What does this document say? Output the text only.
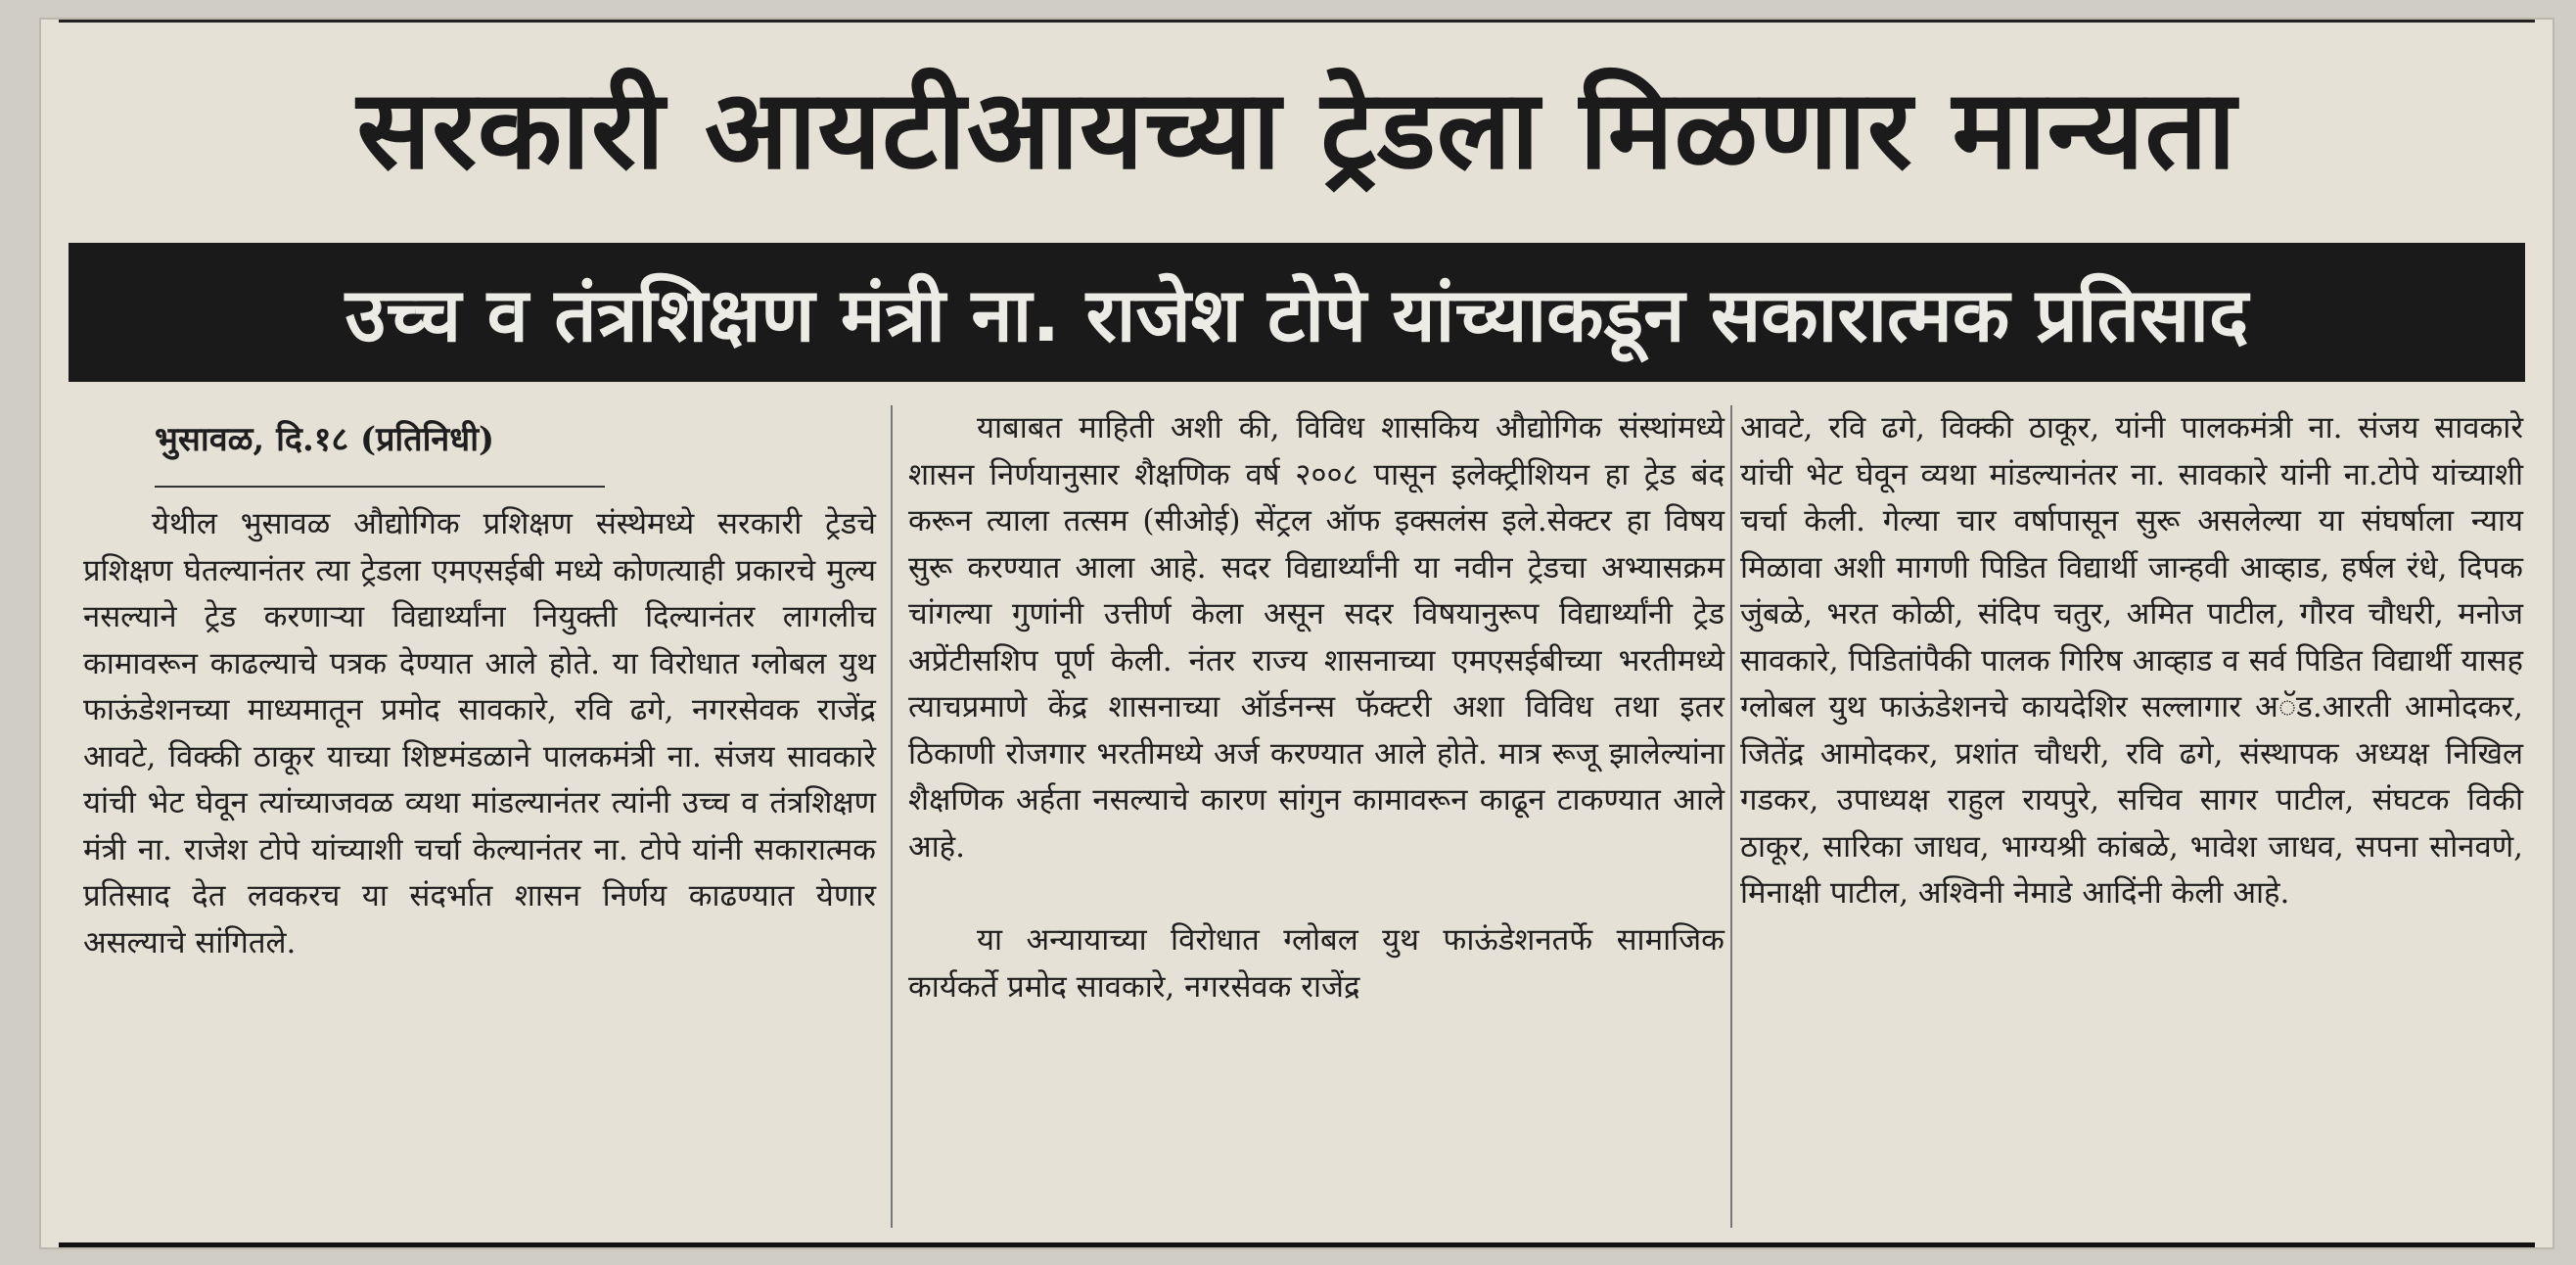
सरकारी आयटीआयच्या ट्रेडला मिळणार मान्यता
उच्च व तंत्रशिक्षण मंत्री ना. राजेश टोपे यांच्याकडून सकारात्मक प्रतिसाद
भुसावळ, दि.१८ (प्रतिनिधी)

येथील भुसावळ औद्योगिक प्रशिक्षण संस्थेमध्ये सरकारी ट्रेडचे प्रशिक्षण घेतल्यानंतर त्या ट्रेडला एमएसईबी मध्ये कोणत्याही प्रकारचे मुल्य नसल्याने ट्रेड करणाऱ्या विद्यार्थ्यांना नियुक्ती दिल्यानंतर लागलीच कामावरून काढल्याचे पत्रक देण्यात आले होते. या विरोधात ग्लोबल युथ फाऊंडेशनच्या माध्यमातून प्रमोद सावकारे, रवि ढगे, नगरसेवक राजेंद्र आवटे, विक्की ठाकूर याच्या शिष्टमंडळाने पालकमंत्री ना. संजय सावकारे यांची भेट घेवून त्यांच्याजवळ व्यथा मांडल्यानंतर त्यांनी उच्च व तंत्रशिक्षण मंत्री ना. राजेश टोपे यांच्याशी चर्चा केल्यानंतर ना. टोपे यांनी सकारात्मक प्रतिसाद देत लवकरच या संदर्भात शासन निर्णय काढण्यात येणार असल्याचे सांगितले.

याबाबत माहिती अशी की, विविध शासकिय औद्योगिक संस्थांमध्ये शासन निर्णयानुसार शैक्षणिक वर्ष २००८ पासून इलेक्ट्रीशियन हा ट्रेड बंद करून त्याला तत्सम (सीओई) सेंट्रल ऑफ इक्सलंस इले.सेक्टर हा विषय सुरू करण्यात आला आहे. सदर विद्यार्थ्यांनी या नवीन ट्रेडचा अभ्यासक्रम चांगल्या गुणांनी उत्तीर्ण केला असून सदर विषयानुरूप विद्यार्थ्यांनी ट्रेड अप्रेंटीसशिप पूर्ण केली. नंतर राज्य शासनाच्या एमएसईबीच्या भरतीमध्ये त्याचप्रमाणे केंद्र शासनाच्या ऑर्डनन्स फॅक्टरी अशा विविध तथा इतर ठिकाणी रोजगार भरतीमध्ये अर्ज करण्यात आले होते. मात्र रूजू झालेल्यांना शैक्षणिक अर्हता नसल्याचे कारण सांगुन कामावरून काढून टाकण्यात आले आहे.

या अन्यायाच्या विरोधात ग्लोबल युथ फाऊंडेशनतर्फे सामाजिक कार्यकर्ते प्रमोद सावकारे, नगरसेवक राजेंद्र

आवटे, रवि ढगे, विक्की ठाकूर, यांनी पालकमंत्री ना. संजय सावकारे यांची भेट घेवून व्यथा मांडल्यानंतर ना. सावकारे यांनी ना.टोपे यांच्याशी चर्चा केली. गेल्या चार वर्षापासून सुरू असलेल्या या संघर्षाला न्याय मिळावा अशी मागणी पिडित विद्यार्थी जान्हवी आव्हाड, हर्षल रंधे, दिपक जुंबळे, भरत कोळी, संदिप चतुर, अमित पाटील, गौरव चौधरी, मनोज सावकारे, पिडितांपैकी पालक गिरिष आव्हाड व सर्व पिडित विद्यार्थी यासह ग्लोबल युथ फाऊंडेशनचे कायदेशिर सल्लागार अॅड.आरती आमोदकर, जितेंद्र आमोदकर, प्रशांत चौधरी, रवि ढगे, संस्थापक अध्यक्ष निखिल गडकर, उपाध्यक्ष राहुल रायपुरे, सचिव सागर पाटील, संघटक विकी ठाकूर, सारिका जाधव, भाग्यश्री कांबळे, भावेश जाधव, सपना सोनवणे, मिनाक्षी पाटील, अश्विनी नेमाडे आदिंनी केली आहे.
